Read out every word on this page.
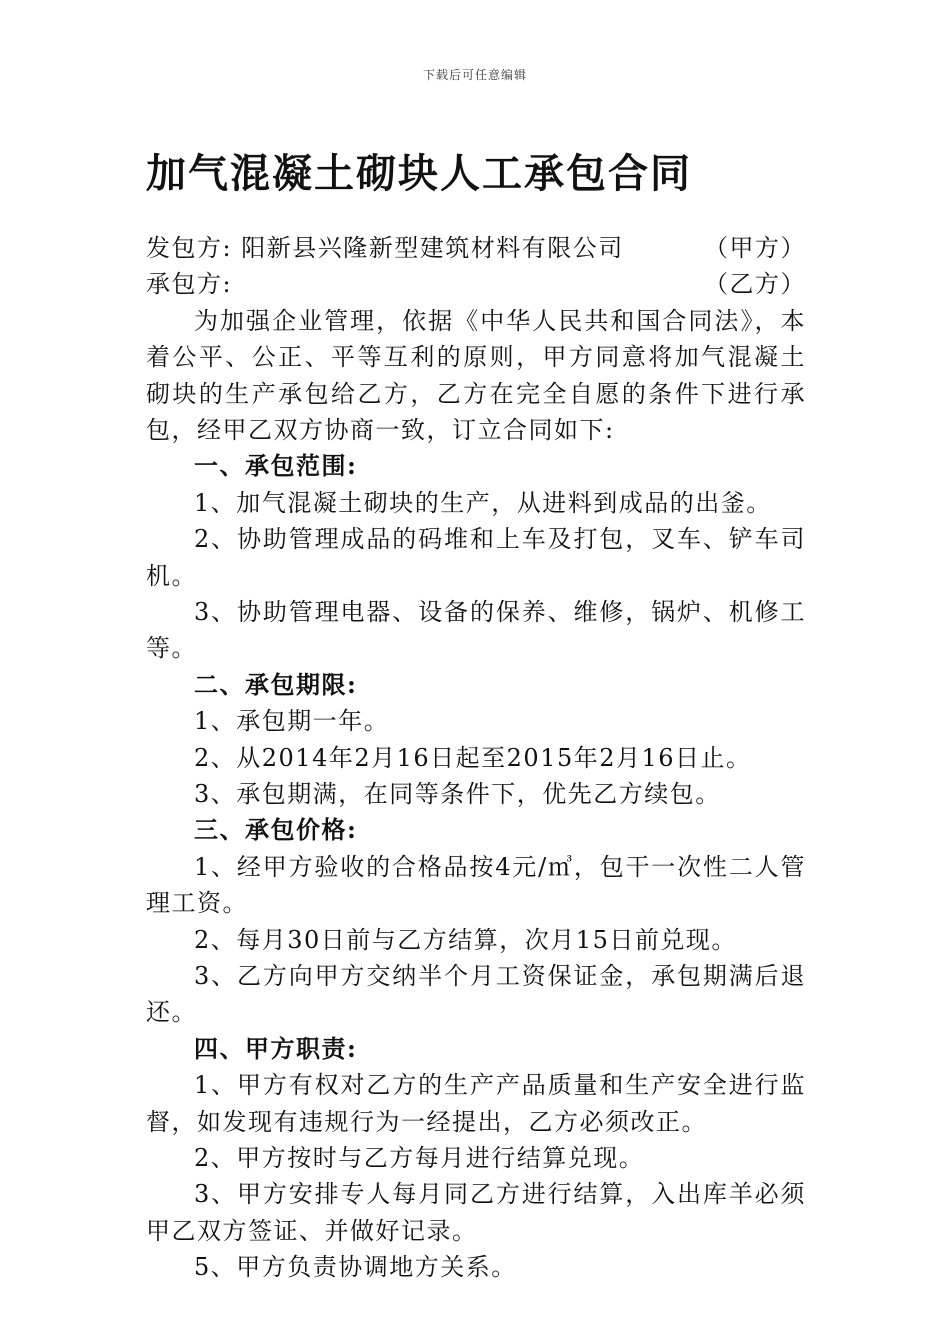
下载后可任意编辑
加气混凝土砌块人工承包合同
发包方: 阳新县兴隆新型建筑材料有限公司	（甲方）
承包方:	（乙方）
为加强企业管理，依据《中华人民共和国合同法》，本着公平、公正、平等互利的原则，甲方同意将加气混凝土砌块的生产承包给乙方，乙方在完全自愿的条件下进行承包，经甲乙双方协商一致，订立合同如下:
一、承包范围:
1、加气混凝土砌块的生产，从进料到成品的出釜。
2、协助管理成品的码堆和上车及打包，叉车、铲车司机。
3、协助管理电器、设备的保养、维修，锅炉、机修工等。
二、承包期限:
1、承包期一年。
2、从2014年2月16日起至2015年2月16日止。
3、承包期满，在同等条件下，优先乙方续包。
三、承包价格:
1、经甲方验收的合格品按4元/㎥，包干一次性二人管理工资。
2、每月30日前与乙方结算，次月15日前兑现。
3、乙方向甲方交纳半个月工资保证金，承包期满后退还。
四、甲方职责:
1、甲方有权对乙方的生产产品质量和生产安全进行监督，如发现有违规行为一经提出，乙方必须改正。
2、甲方按时与乙方每月进行结算兑现。
3、甲方安排专人每月同乙方进行结算，入出库羊必须甲乙双方签证、并做好记录。
5、甲方负责协调地方关系。
